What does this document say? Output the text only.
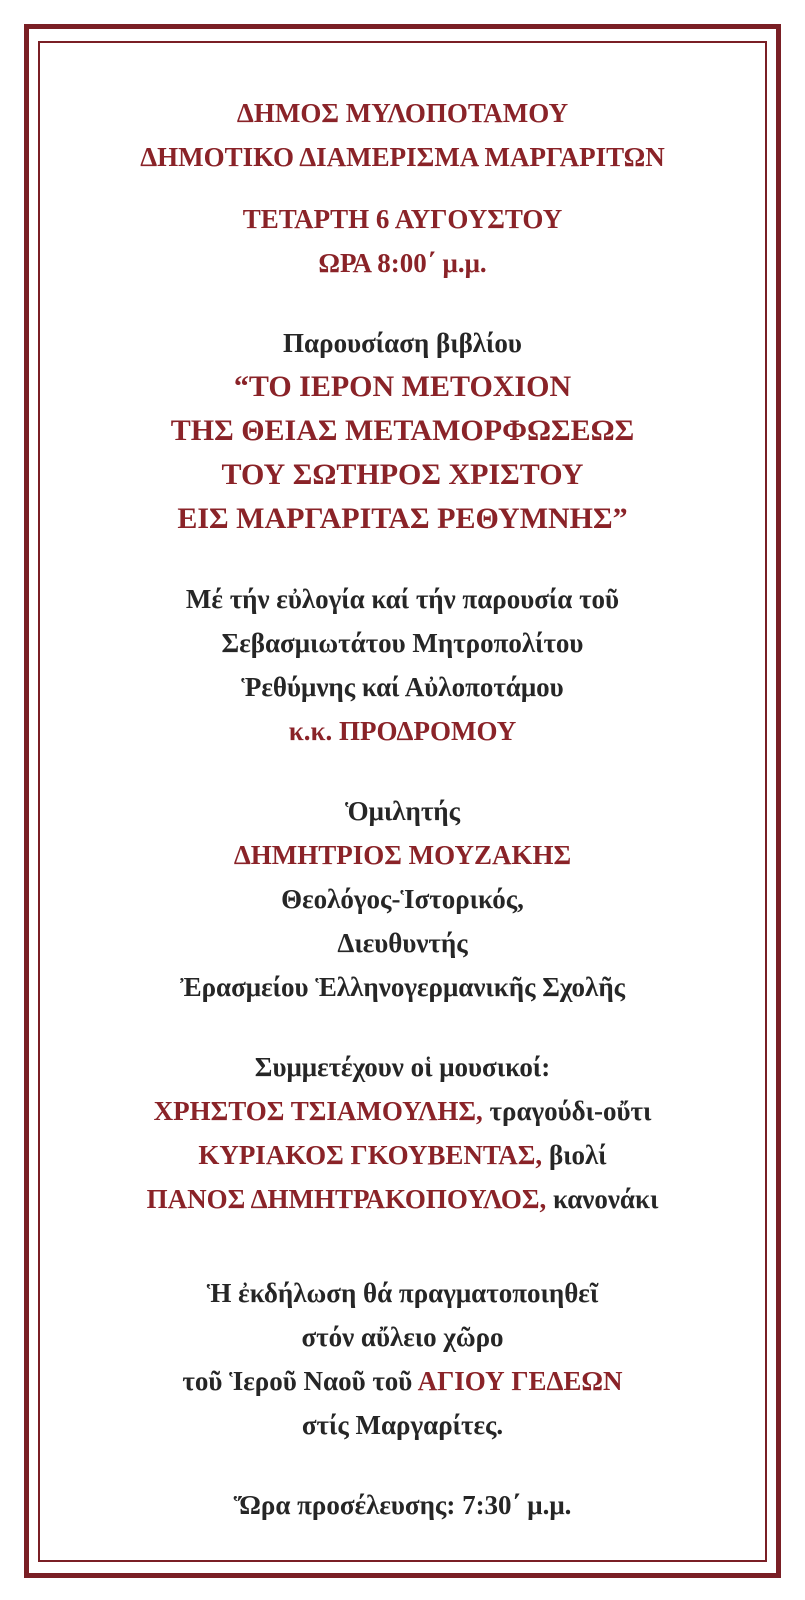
ΔΗΜΟΣ ΜΥΛΟΠΟΤΑΜΟΥ
ΔΗΜΟΤΙΚΟ ΔΙΑΜΕΡΙΣΜΑ ΜΑΡΓΑΡΙΤΩΝ
ΤΕΤΑΡΤΗ 6 ΑΥΓΟΥΣΤΟΥ
ΩΡΑ 8:00΄ μ.μ.
Παρουσίαση βιβλίου
“ΤΟ ΙΕΡΟΝ ΜΕΤΟΧΙΟΝ
ΤΗΣ ΘΕΙΑΣ ΜΕΤΑΜΟΡΦΩΣΕΩΣ
ΤΟΥ ΣΩΤΗΡΟΣ ΧΡΙΣΤΟΥ
ΕΙΣ ΜΑΡΓΑΡΙΤΑΣ ΡΕΘΥΜΝΗΣ”
Μέ τήν εὐλογία καί τήν παρουσία τοῦ
Σεβασμιωτάτου Μητροπολίτου
Ῥεθύμνης καί Αὐλοποτάμου
κ.κ. ΠΡΟΔΡΟΜΟΥ
Ὁμιλητής
ΔΗΜΗΤΡΙΟΣ ΜΟΥΖΑΚΗΣ
Θεολόγος-Ἱστορικός,
Διευθυντής
Ἐρασμείου Ἑλληνογερμανικῆς Σχολῆς
Συμμετέχουν οἱ μουσικοί:
ΧΡΗΣΤΟΣ ΤΣΙΑΜΟΥΛΗΣ, τραγούδι-οὔτι
ΚΥΡΙΑΚΟΣ ΓΚΟΥΒΕΝΤΑΣ, βιολί
ΠΑΝΟΣ ΔΗΜΗΤΡΑΚΟΠΟΥΛΟΣ, κανονάκι
Ἡ ἐκδήλωση θά πραγματοποιηθεῖ
στόν αὔλειο χῶρο
τοῦ Ἱεροῦ Ναοῦ τοῦ ΑΓΙΟΥ ΓΕΔΕΩΝ
στίς Μαργαρίτες.
Ὥρα προσέλευσης: 7:30΄ μ.μ.
